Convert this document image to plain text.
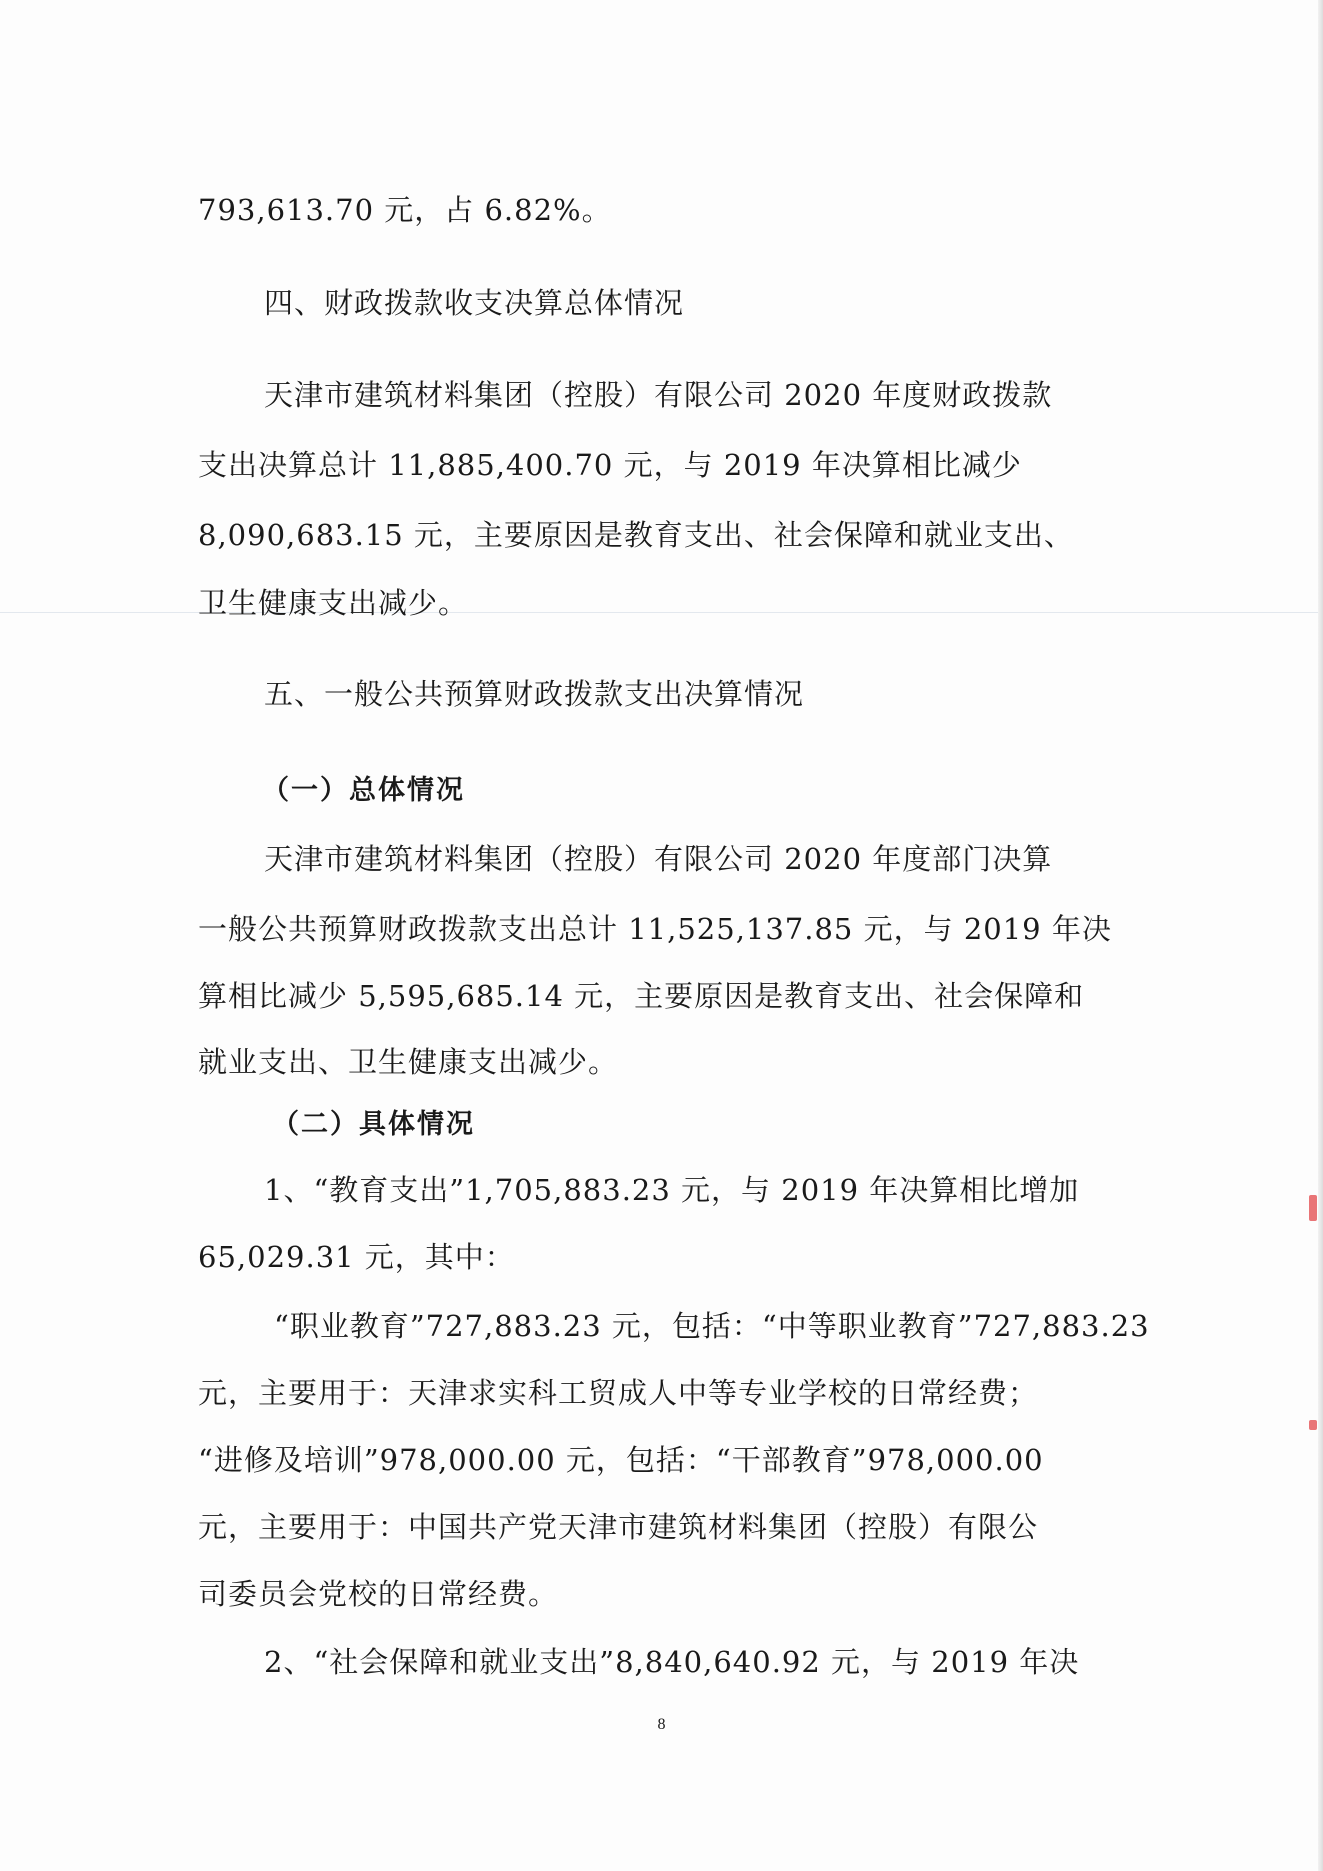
793,613.70 元，占 6.82%。
四、财政拨款收支决算总体情况
天津市建筑材料集团（控股）有限公司 2020 年度财政拨款
支出决算总计 11,885,400.70 元，与 2019 年决算相比减少
8,090,683.15 元，主要原因是教育支出、社会保障和就业支出、
卫生健康支出减少。
五、一般公共预算财政拨款支出决算情况
（一）总体情况
天津市建筑材料集团（控股）有限公司 2020 年度部门决算
一般公共预算财政拨款支出总计 11,525,137.85 元，与 2019 年决
算相比减少 5,595,685.14 元，主要原因是教育支出、社会保障和
就业支出、卫生健康支出减少。
（二）具体情况
1、“教育支出”1,705,883.23 元，与 2019 年决算相比增加
65,029.31 元，其中：
“职业教育”727,883.23 元，包括：“中等职业教育”727,883.23
元，主要用于：天津求实科工贸成人中等专业学校的日常经费；
“进修及培训”978,000.00 元，包括：“干部教育”978,000.00
元，主要用于：中国共产党天津市建筑材料集团（控股）有限公
司委员会党校的日常经费。
2、“社会保障和就业支出”8,840,640.92 元，与 2019 年决
8
